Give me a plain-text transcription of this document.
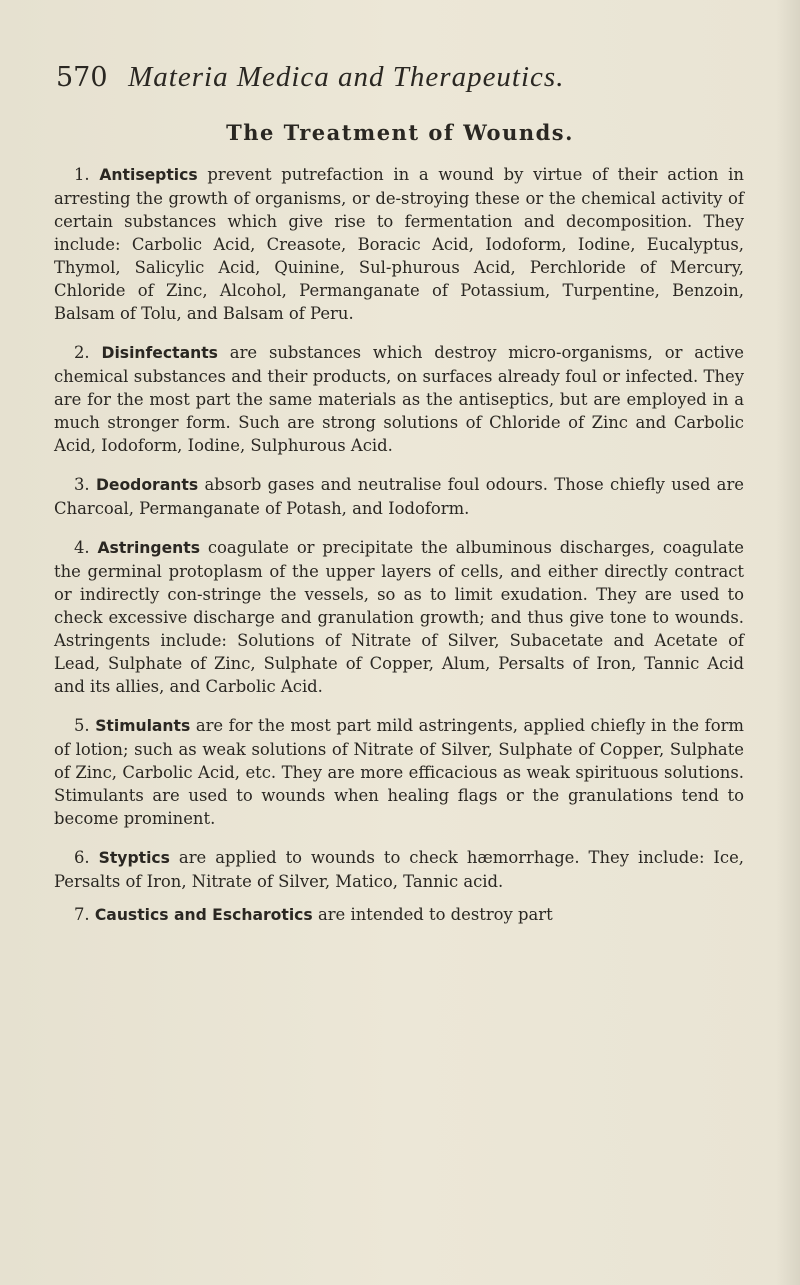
570 Materia Medica and Therapeutics.
The Treatment of Wounds.

1. Antiseptics prevent putrefaction in a wound by virtue of their action in arresting the growth of organisms, or de-stroying these or the chemical activity of certain substances which give rise to fermentation and decomposition. They include: Carbolic Acid, Creasote, Boracic Acid, Iodoform, Iodine, Eucalyptus, Thymol, Salicylic Acid, Quinine, Sul-phurous Acid, Perchloride of Mercury, Chloride of Zinc, Alcohol, Permanganate of Potassium, Turpentine, Benzoin, Balsam of Tolu, and Balsam of Peru.

2. Disinfectants are substances which destroy micro-organisms, or active chemical substances and their products, on surfaces already foul or infected. They are for the most part the same materials as the antiseptics, but are employed in a much stronger form. Such are strong solutions of Chloride of Zinc and Carbolic Acid, Iodoform, Iodine, Sulphurous Acid.

3. Deodorants absorb gases and neutralise foul odours. Those chiefly used are Charcoal, Permanganate of Potash, and Iodoform.

4. Astringents coagulate or precipitate the albuminous discharges, coagulate the germinal protoplasm of the upper layers of cells, and either directly contract or indirectly con-stringe the vessels, so as to limit exudation. They are used to check excessive discharge and granulation growth; and thus give tone to wounds. Astringents include: Solutions of Nitrate of Silver, Subacetate and Acetate of Lead, Sulphate of Zinc, Sulphate of Copper, Alum, Persalts of Iron, Tannic Acid and its allies, and Carbolic Acid.

5. Stimulants are for the most part mild astringents, applied chiefly in the form of lotion; such as weak solutions of Nitrate of Silver, Sulphate of Copper, Sulphate of Zinc, Carbolic Acid, etc. They are more efficacious as weak spirituous solutions. Stimulants are used to wounds when healing flags or the granulations tend to become prominent.

6. Styptics are applied to wounds to check hæmorrhage. They include: Ice, Persalts of Iron, Nitrate of Silver, Matico, Tannic acid.

7. Caustics and Escharotics are intended to destroy part
